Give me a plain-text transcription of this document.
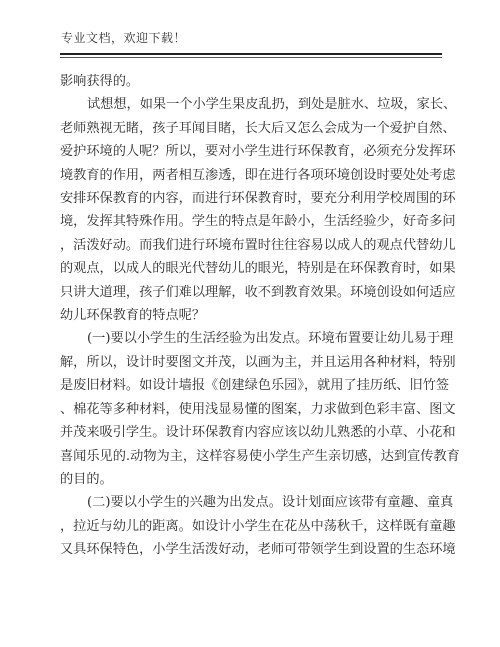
专业文档，欢迎下载！

影响获得的。

试想想，如果一个小学生果皮乱扔，到处是脏水、垃圾，家长、
老师熟视无睹，孩子耳闻目睹，长大后又怎么会成为一个爱护自然、
爱护环境的人呢？所以，要对小学生进行环保教育，必须充分发挥环
境教育的作用，两者相互渗透，即在进行各项环境创设时要处处考虑
安排环保教育的内容，而进行环保教育时，要充分利用学校周围的环
境，发挥其特殊作用。学生的特点是年龄小，生活经验少，好奇多问
，活泼好动。而我们进行环境布置时往往容易以成人的观点代替幼儿
的观点，以成人的眼光代替幼儿的眼光，特别是在环保教育时，如果
只讲大道理，孩子们难以理解，收不到教育效果。环境创设如何适应
幼儿环保教育的特点呢？

(一)要以小学生的生活经验为出发点。环境布置要让幼儿易于理
解，所以，设计时要图文并茂，以画为主，并且运用各种材料，特别
是废旧材料。如设计墙报《创建绿色乐园》，就用了挂历纸、旧竹签
、棉花等多种材料，使用浅显易懂的图案，力求做到色彩丰富、图文
并茂来吸引学生。设计环保教育内容应该以幼儿熟悉的小草、小花和
喜闻乐见的.动物为主，这样容易使小学生产生亲切感，达到宣传教育
的目的。

(二)要以小学生的兴趣为出发点。设计划面应该带有童趣、童真
，拉近与幼儿的距离。如设计小学生在花丛中荡秋千，这样既有童趣
又具环保特色，小学生活泼好动，老师可带领学生到设置的生态环境
